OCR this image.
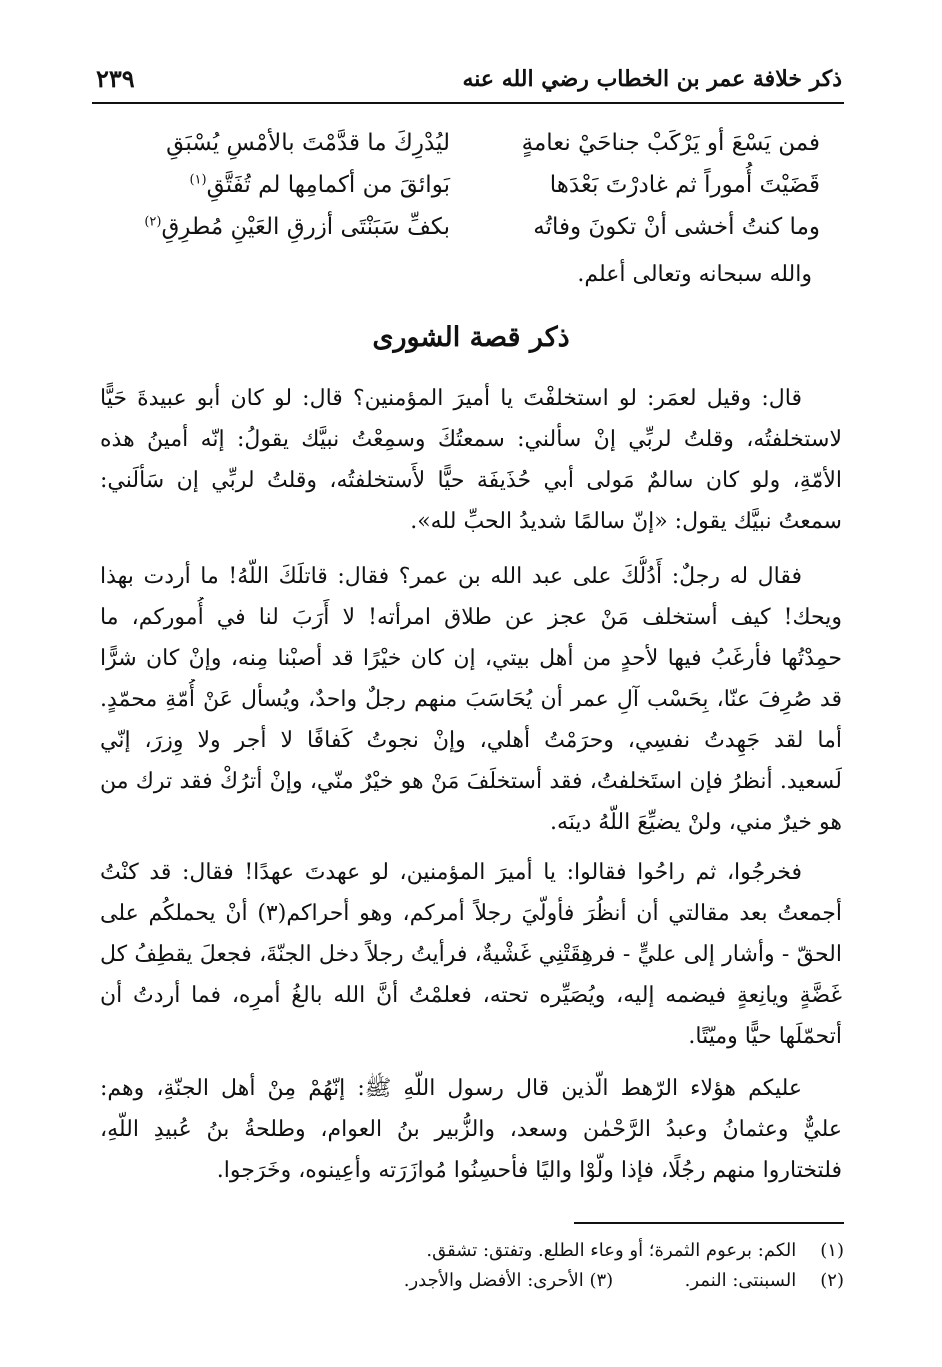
ذكر خلافة عمر بن الخطاب رضي الله عنه
٢٣٩
فمن يَسْعَ أو يَرْكَبْ جناحَيْ نعامةٍ
ليُدْرِكَ ما قدَّمْتَ بالأمْسِ يُسْبَقِ
قَضَيْتَ أُموراً ثم غادرْتَ بَعْدَها
بَوائقَ من أكمامِها لم تُفَتَّقِ$^{(١)}$
وما كنتُ أخشى أنْ تكونَ وفاتُه
بكفِّ سَبَنْتَى أزرقِ العَيْنِ مُطرِقِ$^{(٢)}$
والله سبحانه وتعالى أعلم.
ذكر قصة الشورى
قال: وقيل لعمَر: لو استخلفْتَ يا أميرَ المؤمنين؟ قال: لو كان أبو عبيدةَ حَيًّا
لاستخلفتُه، وقلتُ لربِّي إنْ سألني: سمعتُكَ وسمِعْتُ نبيَّك يقولُ: إنّه أمينُ هذه
الأمّةِ، ولو كان سالمٌ مَولى أبي حُذَيفَة حيًّا لأَستخلفتُه، وقلتُ لربِّي إن سَألَني:
سمعتُ نبيَّك يقول: «إنّ سالمًا شديدُ الحبِّ لله».
فقال له رجلٌ: أَدُلُّكَ على عبد الله بن عمر؟ فقال: قاتلَكَ اللّهُ! ما أردت بهذا
ويحك! كيف أستخلف مَنْ عجز عن طلاق امرأته! لا أَرَبَ لنا في أُموركم، ما
حمِدْتُها فأرغَبُ فيها لأحدٍ من أهل بيتي، إن كان خيْرًا قد أصبْنا مِنه، وإنْ كان شرًّا
قد صُرِفَ عنّا، بِحَسْب آلِ عمر أن يُحَاسَبَ منهم رجلٌ واحدٌ، ويُسأل عَنْ أُمّةِ محمّدٍ.
أما لقد جَهِدتُ نفسِي، وحرَمْتُ أهلي، وإنْ نجوتُ كَفافًا لا أجر ولا وِزرَ، إنّي
لَسعيد. أنظرُ فإن استَخلفتُ، فقد أستخلَفَ مَنْ هو خيْرٌ منّي، وإنْ أترُكْ فقد ترك من
هو خيرٌ مني، ولنْ يضيِّعَ اللّهُ دينَه.
فخرجُوا، ثم راحُوا فقالوا: يا أميرَ المؤمنين، لو عهدتَ عهدًا! فقال: قد كنْتُ
أجمعتُ بعد مقالتي أن أنظُرَ فأولّيَ رجلاً أمركم، وهو أحراكم(٣) أنْ يحملكُم على
الحقّ - وأشار إلى عليٍّ - فرهِقَتْنِي غَشْيةٌ، فرأيتُ رجلاً دخل الجنّةَ، فجعلَ يقطِفُ كل
غَضَّةٍ ويانِعةٍ فيضمه إليه، ويُصَيِّره تحته، فعلمْتُ أنَّ الله بالغُ أمرِه، فما أردتُ أن
أتحمّلَها حيًّا وميّتًا.
عليكم هؤلاء الرّهط الّذين قال رسول اللّهِ ﷺ: إنّهُمْ مِنْ أهل الجنّةِ، وهم:
عليٌّ وعثمانُ وعبدُ الرَّحْمٰن وسعد، والزُّبير بنُ العوام، وطلحةُ بنُ عُبيدِ اللّهِ،
فلتختاروا منهم رجُلًا، فإذا ولّوْا واليًا فأحسِنُوا مُوازَرَته وأعِينوه، وخَرَجوا.
(١) الكم: برعوم الثمرة؛ أو وعاء الطلع. وتفتق: تشقق.
(٢) السبنتى: النمر.  (٣) الأحرى: الأفضل والأجدر.
